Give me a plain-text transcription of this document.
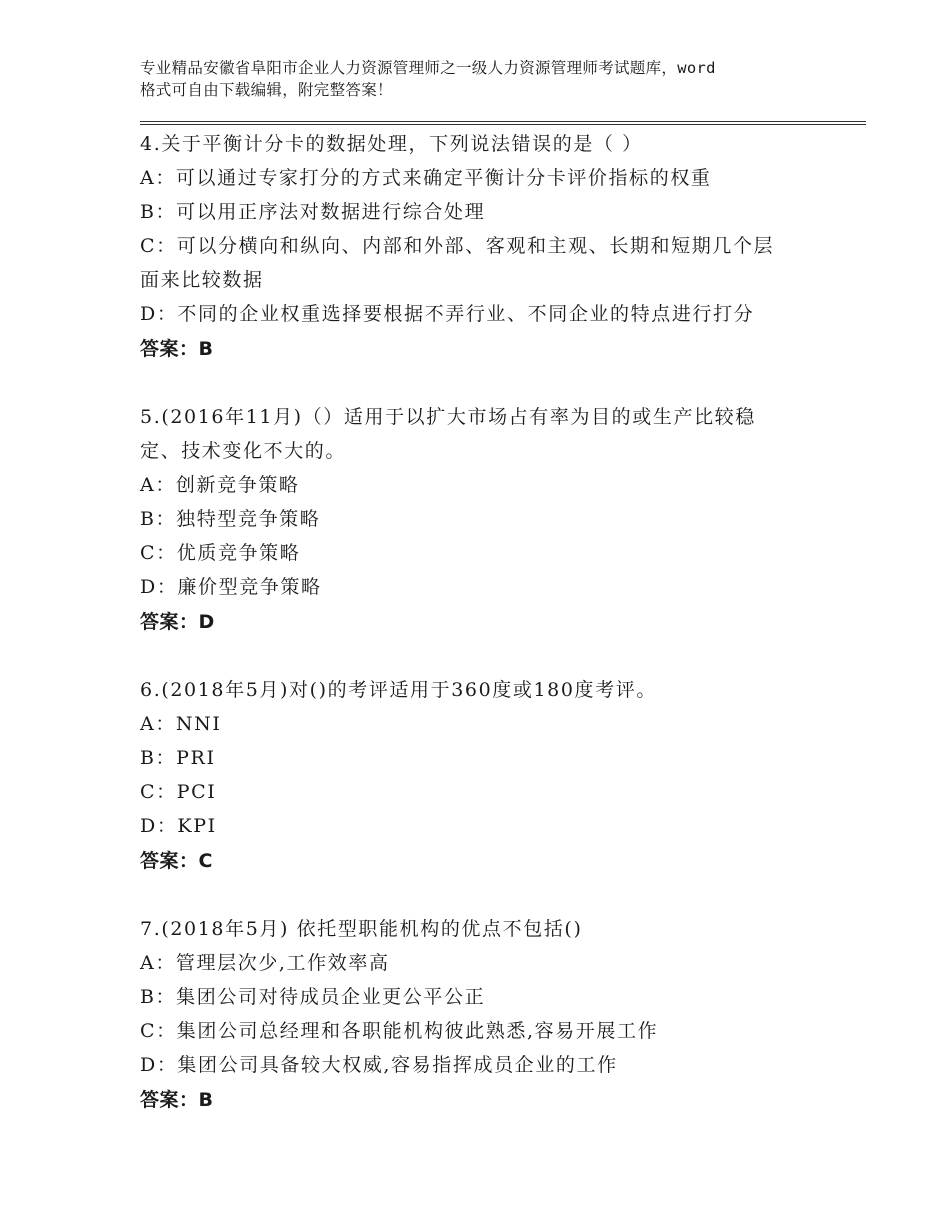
专业精品安徽省阜阳市企业人力资源管理师之一级人力资源管理师考试题库，word
格式可自由下载编辑，附完整答案！
4.关于平衡计分卡的数据处理，下列说法错误的是（ ）
A：可以通过专家打分的方式来确定平衡计分卡评价指标的权重
B：可以用正序法对数据进行综合处理
C：可以分横向和纵向、内部和外部、客观和主观、长期和短期几个层
面来比较数据
D：不同的企业权重选择要根据不弄行业、不同企业的特点进行打分
答案：B
5.(2016年11月)（）适用于以扩大市场占有率为目的或生产比较稳
定、技术变化不大的。
A：创新竞争策略
B：独特型竞争策略
C：优质竞争策略
D：廉价型竞争策略
答案：D
6.(2018年5月)对()的考评适用于360度或180度考评。
A：NNI
B：PRI
C：PCI
D：KPI
答案：C
7.(2018年5月) 依托型职能机构的优点不包括()
A：管理层次少,工作效率高
B：集团公司对待成员企业更公平公正
C：集团公司总经理和各职能机构彼此熟悉,容易开展工作
D：集团公司具备较大权威,容易指挥成员企业的工作
答案：B
